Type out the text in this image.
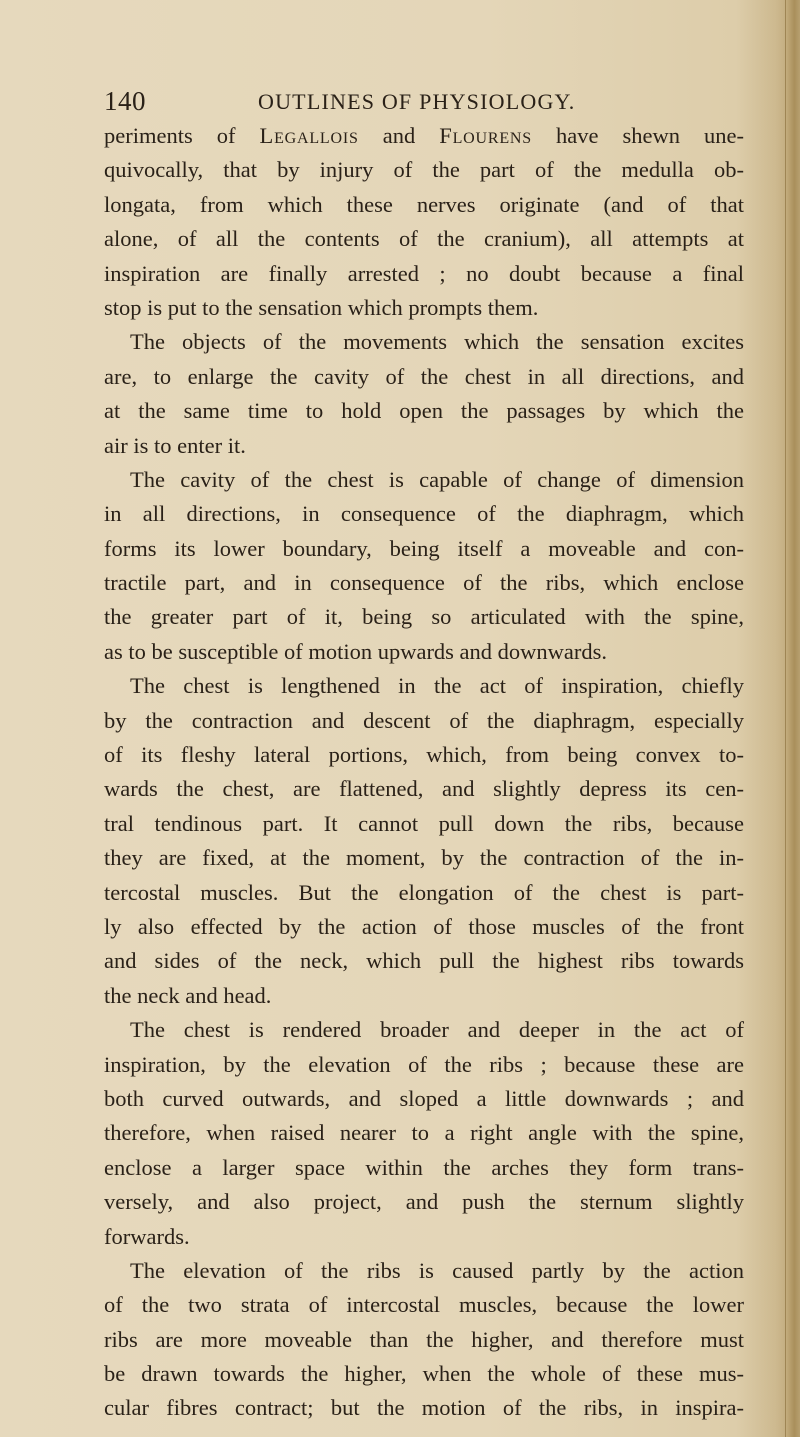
140	OUTLINES OF PHYSIOLOGY.
periments of Legallois and Flourens have shewn une-
quivocally, that by injury of the part of the medulla ob-
longata, from which these nerves originate (and of that
alone, of all the contents of the cranium), all attempts at
inspiration are finally arrested ; no doubt because a final
stop is put to the sensation which prompts them.
The objects of the movements which the sensation excites
are, to enlarge the cavity of the chest in all directions, and
at the same time to hold open the passages by which the
air is to enter it.
The cavity of the chest is capable of change of dimension
in all directions, in consequence of the diaphragm, which
forms its lower boundary, being itself a moveable and con-
tractile part, and in consequence of the ribs, which enclose
the greater part of it, being so articulated with the spine,
as to be susceptible of motion upwards and downwards.
The chest is lengthened in the act of inspiration, chiefly
by the contraction and descent of the diaphragm, especially
of its fleshy lateral portions, which, from being convex to-
wards the chest, are flattened, and slightly depress its cen-
tral tendinous part. It cannot pull down the ribs, because
they are fixed, at the moment, by the contraction of the in-
tercostal muscles. But the elongation of the chest is part-
ly also effected by the action of those muscles of the front
and sides of the neck, which pull the highest ribs towards
the neck and head.
The chest is rendered broader and deeper in the act of
inspiration, by the elevation of the ribs ; because these are
both curved outwards, and sloped a little downwards ; and
therefore, when raised nearer to a right angle with the spine,
enclose a larger space within the arches they form trans-
versely, and also project, and push the sternum slightly
forwards.
The elevation of the ribs is caused partly by the action
of the two strata of intercostal muscles, because the lower
ribs are more moveable than the higher, and therefore must
be drawn towards the higher, when the whole of these mus-
cular fibres contract; but the motion of the ribs, in inspira-
